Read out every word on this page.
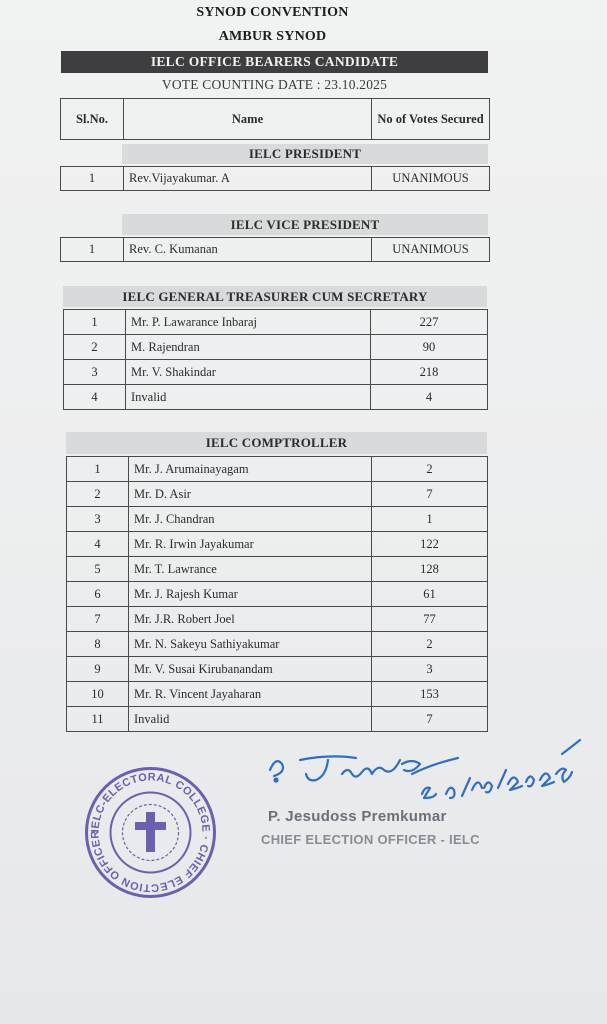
SYNOD CONVENTION
AMBUR SYNOD
IELC OFFICE BEARERS CANDIDATE
VOTE COUNTING DATE : 23.10.2025
Sl.No.	Name	No of Votes Secured
IELC PRESIDENT
1	Rev.Vijayakumar. A	UNANIMOUS
IELC VICE PRESIDENT
1	Rev. C. Kumanan	UNANIMOUS
IELC GENERAL TREASURER CUM SECRETARY
1	Mr. P. Lawarance Inbaraj	227
2	M. Rajendran	90
3	Mr. V. Shakindar	218
4	Invalid	4
IELC COMPTROLLER
1	Mr. J. Arumainayagam	2
2	Mr. D. Asir	7
3	Mr. J. Chandran	1
4	Mr. R. Irwin Jayakumar	122
5	Mr. T. Lawrance	128
6	Mr. J. Rajesh Kumar	61
7	Mr. J.R. Robert Joel	77
8	Mr. N. Sakeyu Sathiyakumar	2
9	Mr. V. Susai Kirubanandam	3
10	Mr. R. Vincent Jayaharan	153
11	Invalid	7
IELC-ELECTORAL COLLEGE · CHIEF ELECTION OFFICER
P. Jesudoss Premkumar
CHIEF ELECTION OFFICER - IELC
